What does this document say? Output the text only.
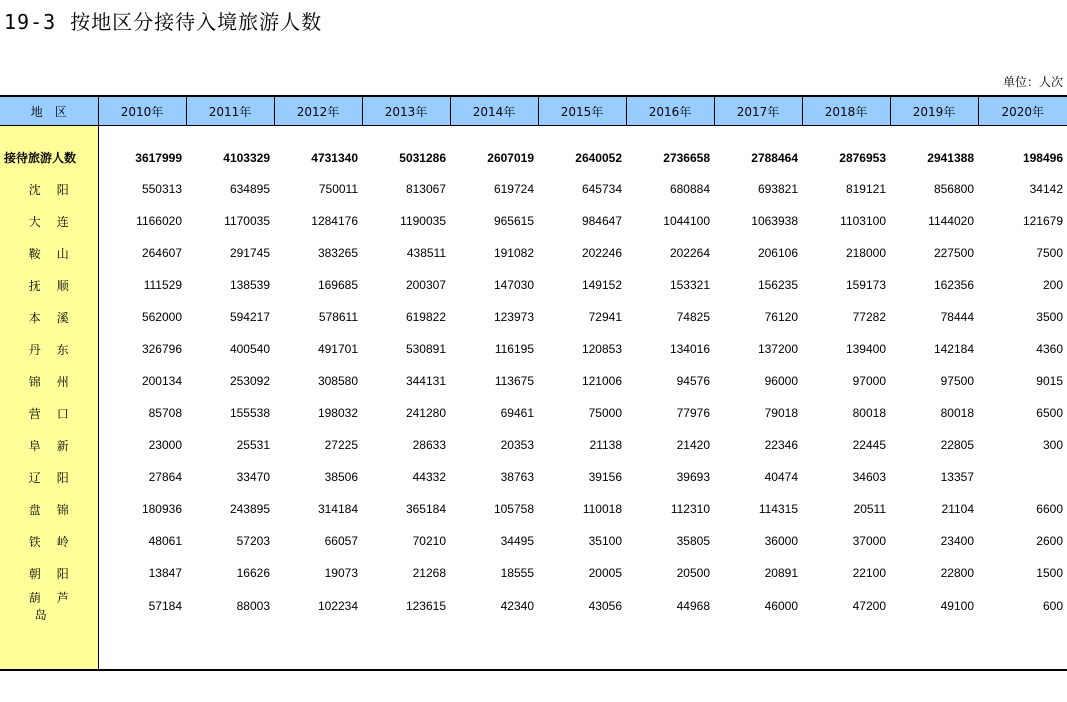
19-3 按地区分接待入境旅游人数
单位：人次
地　区	2010年	2011年	2012年	2013年	2014年	2015年	2016年	2017年	2018年	2019年	2020年

接待旅游人数	3617999	4103329	4731340	5031286	2607019	2640052	2736658	2788464	2876953	2941388	198496
沈阳	550313	634895	750011	813067	619724	645734	680884	693821	819121	856800	34142
大连	1166020	1170035	1284176	1190035	965615	984647	1044100	1063938	1103100	1144020	121679
鞍山	264607	291745	383265	438511	191082	202246	202264	206106	218000	227500	7500
抚顺	111529	138539	169685	200307	147030	149152	153321	156235	159173	162356	200
本溪	562000	594217	578611	619822	123973	72941	74825	76120	77282	78444	3500
丹东	326796	400540	491701	530891	116195	120853	134016	137200	139400	142184	4360
锦州	200134	253092	308580	344131	113675	121006	94576	96000	97000	97500	9015
营口	85708	155538	198032	241280	69461	75000	77976	79018	80018	80018	6500
阜新	23000	25531	27225	28633	20353	21138	21420	22346	22445	22805	300
辽阳	27864	33470	38506	44332	38763	39156	39693	40474	34603	13357	
盘锦	180936	243895	314184	365184	105758	110018	112310	114315	20511	21104	6600
铁岭	48061	57203	66057	70210	34495	35100	35805	36000	37000	23400	2600
朝阳	13847	16626	19073	21268	18555	20005	20500	20891	22100	22800	1500
葫芦岛	57184	88003	102234	123615	42340	43056	44968	46000	47200	49100	600
